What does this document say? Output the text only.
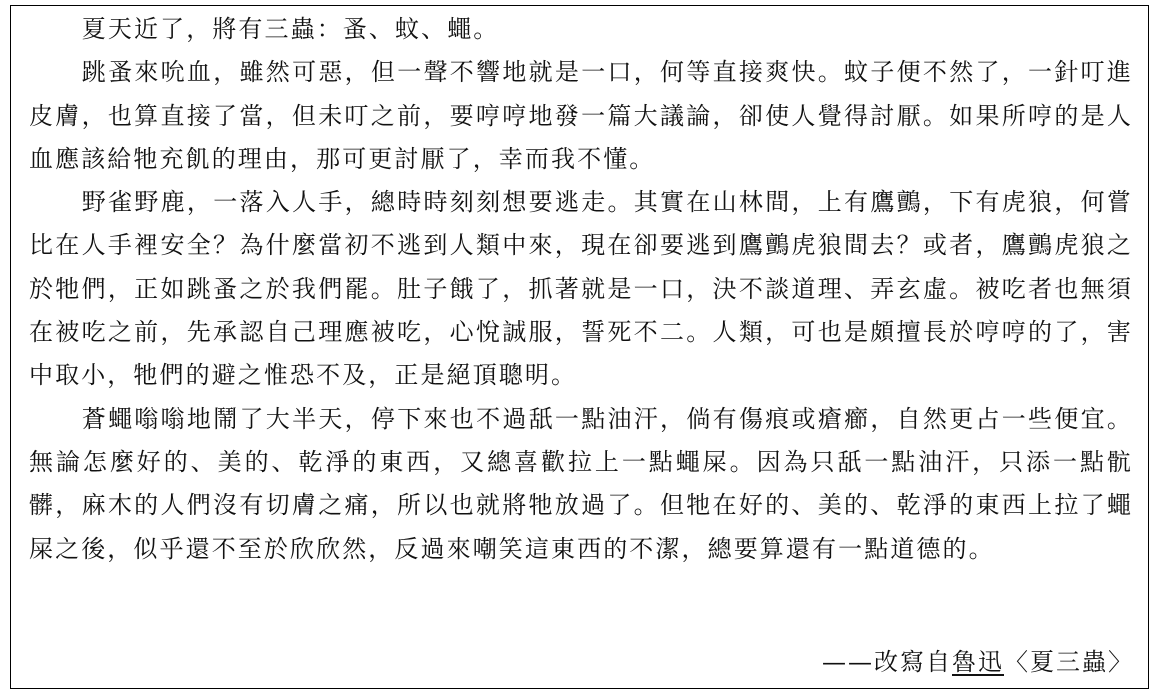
夏天近了，將有三蟲：蚤、蚊、蠅。

跳蚤來吮血，雖然可惡，但一聲不響地就是一口，何等直接爽快。蚊子便不然了，一針叮進皮膚，也算直接了當，但未叮之前，要哼哼地發一篇大議論，卻使人覺得討厭。如果所哼的是人血應該給牠充飢的理由，那可更討厭了，幸而我不懂。

野雀野鹿，一落入人手，總時時刻刻想要逃走。其實在山林間，上有鷹鸇，下有虎狼，何嘗比在人手裡安全？為什麼當初不逃到人類中來，現在卻要逃到鷹鸇虎狼間去？或者，鷹鸇虎狼之於牠們，正如跳蚤之於我們罷。肚子餓了，抓著就是一口，決不談道理、弄玄虛。被吃者也無須在被吃之前，先承認自己理應被吃，心悅誠服，誓死不二。人類，可也是頗擅長於哼哼的了，害中取小，牠們的避之惟恐不及，正是絕頂聰明。

蒼蠅嗡嗡地鬧了大半天，停下來也不過舐一點油汗，倘有傷痕或瘡癤，自然更占一些便宜。無論怎麼好的、美的、乾淨的東西，又總喜歡拉上一點蠅屎。因為只舐一點油汗，只添一點骯髒，麻木的人們沒有切膚之痛，所以也就將牠放過了。但牠在好的、美的、乾淨的東西上拉了蠅屎之後，似乎還不至於欣欣然，反過來嘲笑這東西的不潔，總要算還有一點道德的。

——改寫自魯迅〈夏三蟲〉
